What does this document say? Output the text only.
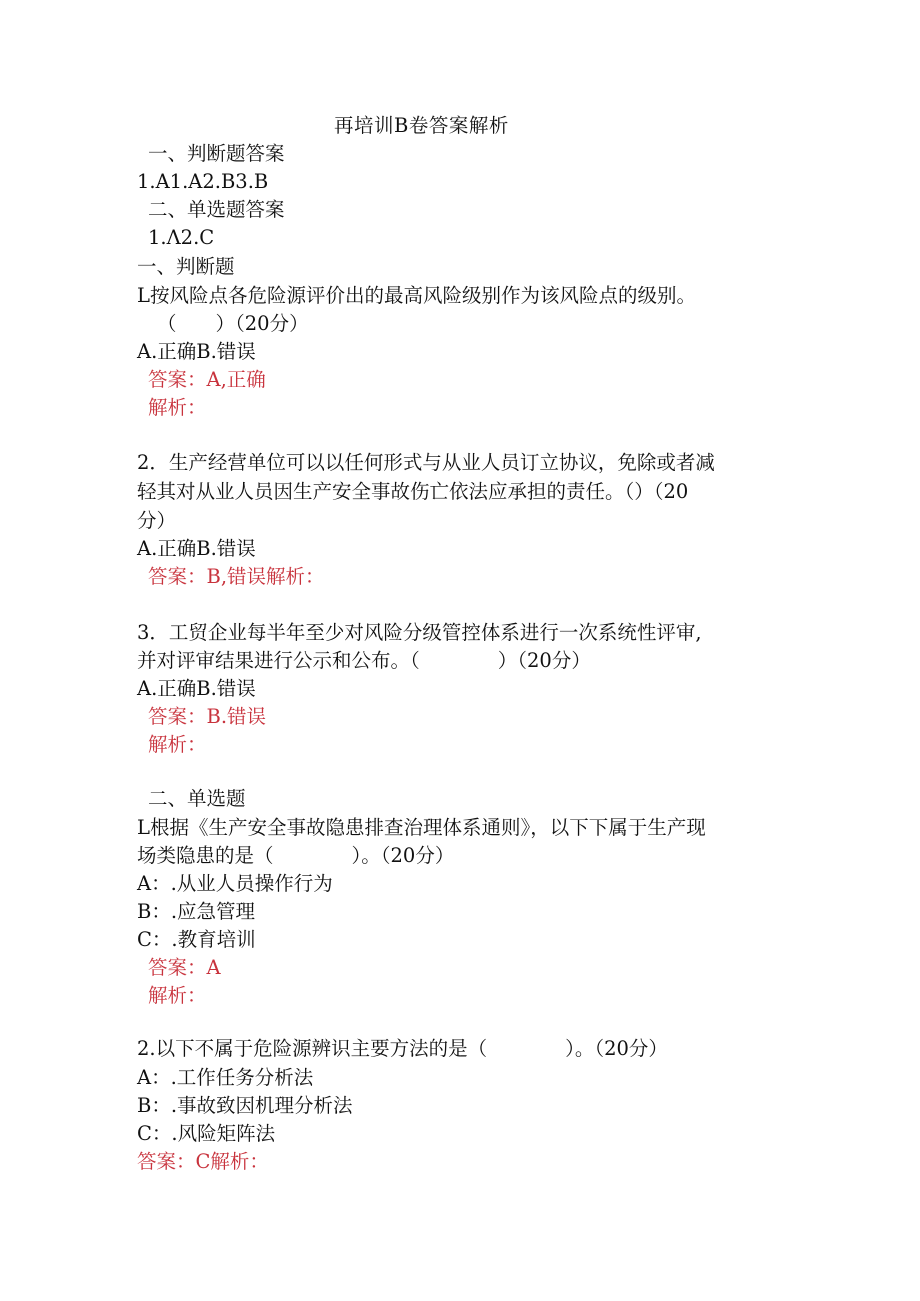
再培训B卷答案解析
一、判断题答案
1.A1.A2.B3.B
二、单选题答案
1.Λ2.C
一、判断题
L按风险点各危险源评价出的最高风险级别作为该风险点的级别。
（　　）（20分）
A.正确B.错误
答案：A,正确
解析：
2．生产经营单位可以以任何形式与从业人员订立协议，免除或者减
轻其对从业人员因生产安全事故伤亡依法应承担的责任。（）（20
分）
A.正确B.错误
答案：B,错误解析：
3．工贸企业每半年至少对风险分级管控体系进行一次系统性评审,
并对评审结果进行公示和公布。（　　　　）（20分）
A.正确B.错误
答案：B.错误
解析：
二、单选题
L根据《生产安全事故隐患排查治理体系通则》，以下下属于生产现
场类隐患的是（　　　　）。（20分）
A：.从业人员操作行为
B：.应急管理
C：.教育培训
答案：A
解析：
2.以下不属于危险源辨识主要方法的是（　　　　）。（20分）
A：.工作任务分析法
B：.事故致因机理分析法
C：.风险矩阵法
答案：C解析：
